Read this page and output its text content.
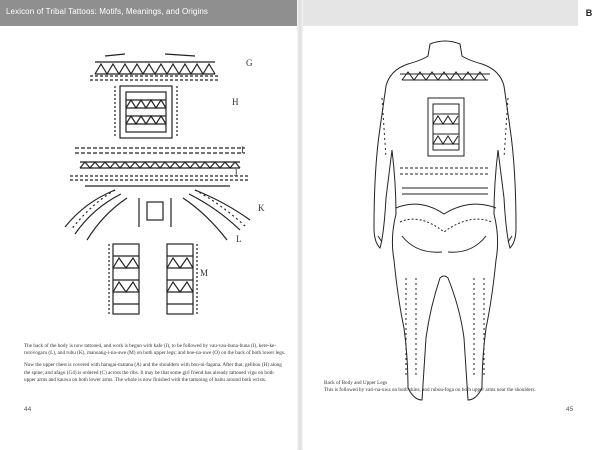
Lexicon of Tribal Tattoos: Motifs, Meanings, and Origins	B
G
H
I
J
K
L
M

The back of the body is now tattooed, and work is begun with kafe (I), to be followed by vau-vau-buna-buna (I), kere-ke-rorovogaru (L), and rubu (K), manoang-i-na-uwe (M) on both upper legs; and boe-na-uwe (O) on the back of both lower legs.

Now the upper chest is covered with baragai-matana (A) and the shoulders with bou-ni-fagana. After that, gelibou (H) along the spine, and afagu (G4) is ordered (C) across the ribs. It may be that some girl friend has already tattooed vigu on both upper arms and kauwa on both lower arms. The whole is now finished with the tattooing of baitu around both wrists.

Back of Body and Upper Legs
This is followed by vari-na-uwa on both shins, and rubou-foga on both upper arms near the shoulders.
44	45
